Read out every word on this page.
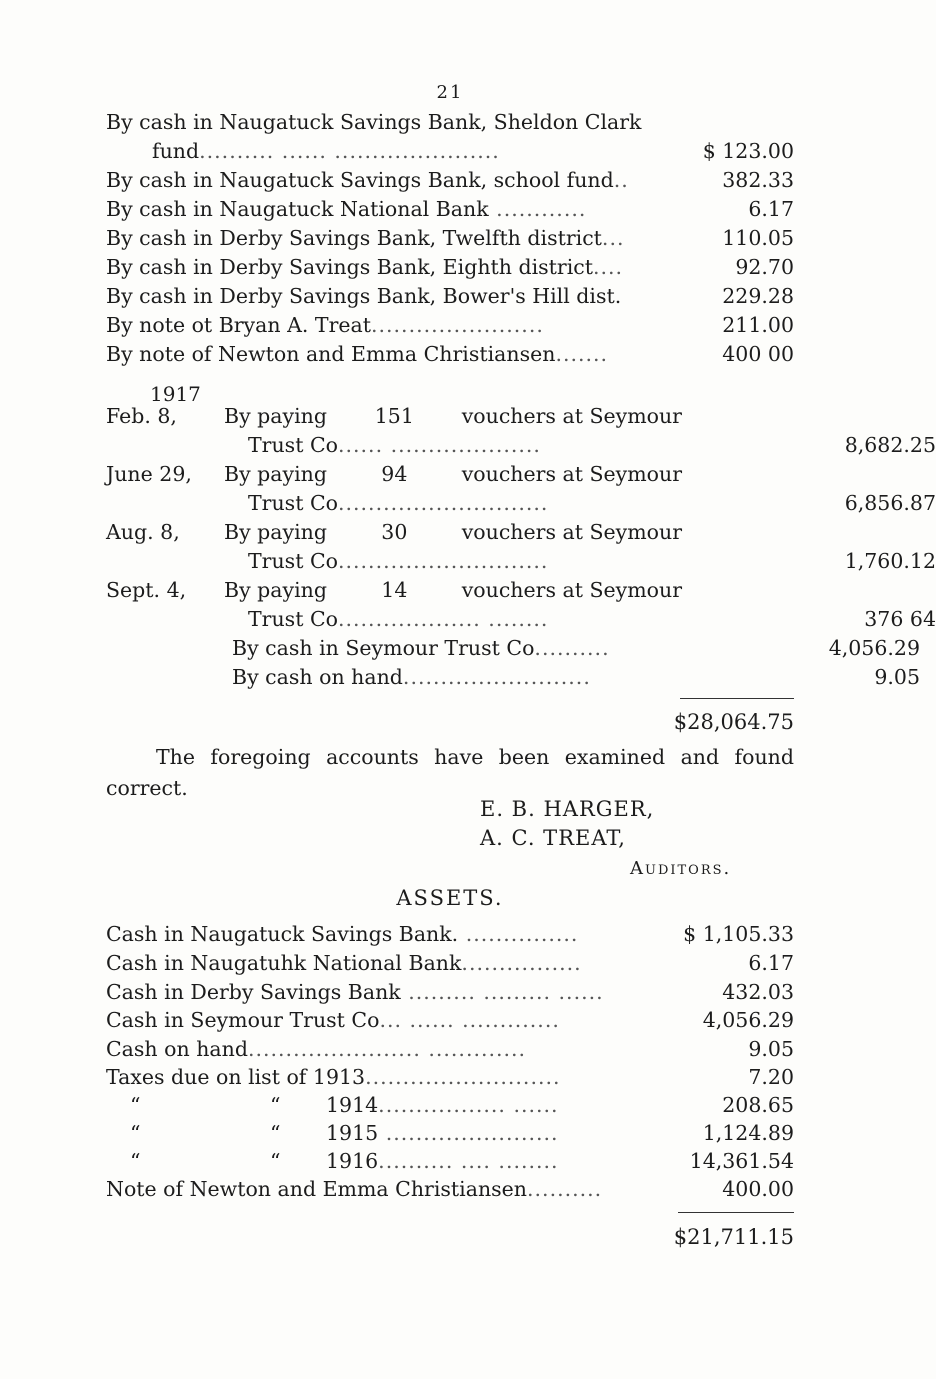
21
By cash in Naugatuck Savings Bank, Sheldon Clark
fund.......... ...... ......................	$ 123.00
By cash in Naugatuck Savings Bank, school fund..	382.33
By cash in Naugatuck National Bank ............	6.17
By cash in Derby Savings Bank, Twelfth district...	110.05
By cash in Derby Savings Bank, Eighth district....	92.70
By cash in Derby Savings Bank, Bower's Hill dist.	229.28
By note ot Bryan A. Treat.......................	211.00
By note of Newton and Emma Christiansen.......	400 00
1917
Feb. 8,	By paying 151 vouchers at Seymour
Trust Co...... ....................	8,682.25
June 29,	By paying	94	vouchers at Seymour
Trust Co............................	6,856.87
Aug. 8,	By paying	30	vouchers at Seymour
Trust Co............................	1,760.12
Sept. 4,	By paying	14	vouchers at Seymour
Trust Co................... ........	376 64
By cash in Seymour Trust Co..........	4,056.29
By cash on hand.........................	9.05
$28,064.75
The foregoing accounts have been examined and found
correct.
E. B. HARGER,
A. C. TREAT,
Auditors.
ASSETS.
Cash in Naugatuck Savings Bank. ...............	$ 1,105.33
Cash in Naugatuhk National Bank................	6.17
Cash in Derby Savings Bank ......... ......... ......	432.03
Cash in Seymour Trust Co... ...... .............	4,056.29
Cash on hand....................... .............	9.05
Taxes due on list of 1913..........................	7.20
“	“ 1914................. ......	208.65
“	“ 1915 .......................	1,124.89
“	“ 1916.......... .... ........	14,361.54
Note of Newton and Emma Christiansen..........	400.00
$21,711.15
